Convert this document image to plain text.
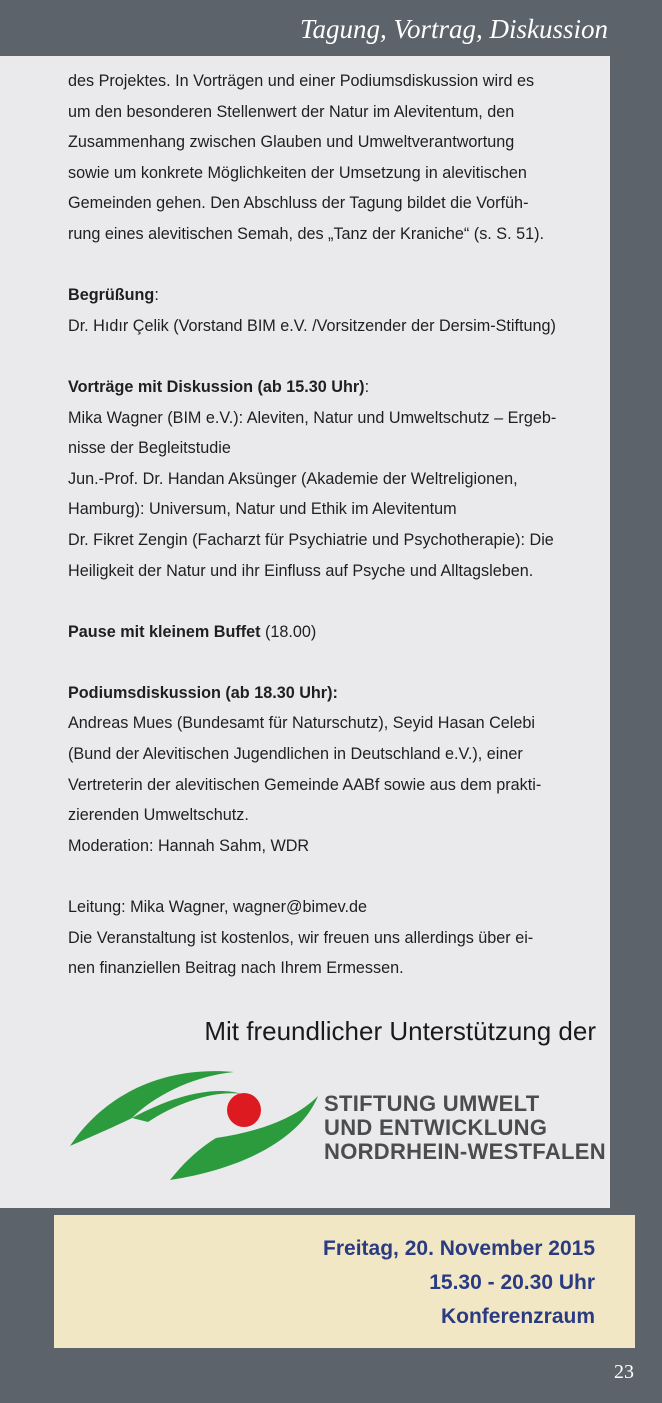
Tagung, Vortrag, Diskussion

des Projektes. In Vorträgen und einer Podiumsdiskussion wird es

um den besonderen Stellenwert der Natur im Alevitentum, den

Zusammenhang zwischen Glauben und Umweltverantwortung

sowie um konkrete Möglichkeiten der Umsetzung in alevitischen

Gemeinden gehen. Den Abschluss der Tagung bildet die Vorfüh-

rung eines alevitischen Semah, des „Tanz der Kraniche“ (s. S. 51).

Begrüßung:

Dr. Hıdır Çelik (Vorstand BIM e.V. /Vorsitzender der Dersim-Stiftung)

Vorträge mit Diskussion (ab 15.30 Uhr):

Mika Wagner (BIM e.V.): Aleviten, Natur und Umweltschutz – Ergeb-

nisse der Begleitstudie

Jun.-Prof. Dr. Handan Aksünger (Akademie der Weltreligionen,

Hamburg): Universum, Natur und Ethik im Alevitentum

Dr. Fikret Zengin (Facharzt für Psychiatrie und Psychotherapie): Die

Heiligkeit der Natur und ihr Einfluss auf Psyche und Alltagsleben.

Pause mit kleinem Buffet (18.00)

Podiumsdiskussion (ab 18.30 Uhr):

Andreas Mues (Bundesamt für Naturschutz), Seyid Hasan Celebi

(Bund der Alevitischen Jugendlichen in Deutschland e.V.), einer

Vertreterin der alevitischen Gemeinde AABf sowie aus dem prakti-

zierenden Umweltschutz.

Moderation: Hannah Sahm, WDR

Leitung: Mika Wagner, wagner@bimev.de

Die Veranstaltung ist kostenlos, wir freuen uns allerdings über ei-

nen finanziellen Beitrag nach Ihrem Ermessen.

Mit freundlicher Unterstützung der
STIFTUNG UMWELT
UND ENTWICKLUNG
NORDRHEIN-WESTFALEN
Freitag, 20. November 2015
15.30 - 20.30 Uhr
Konferenzraum
23
